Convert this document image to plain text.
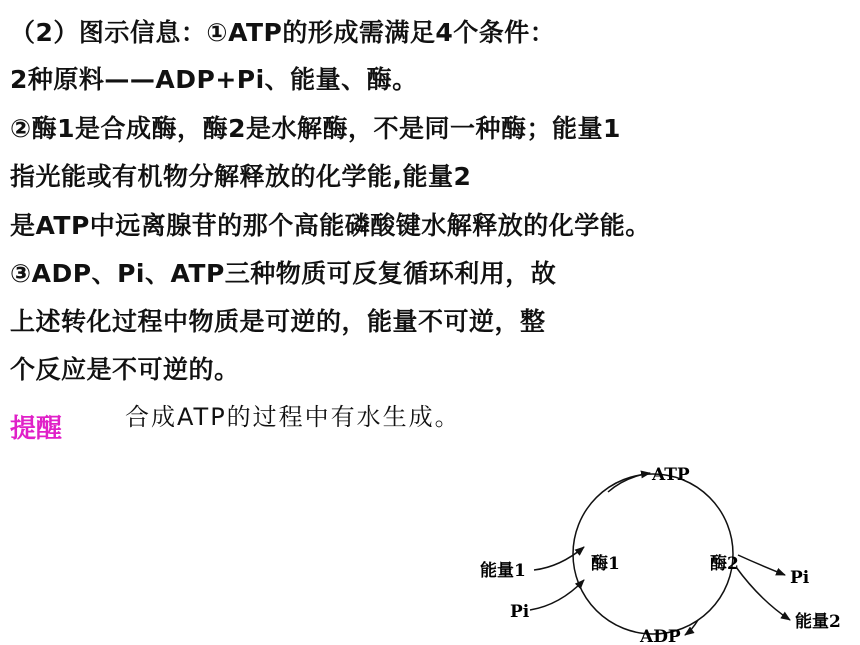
（2）图示信息：①ATP的形成需满足4个条件：
2种原料——ADP+Pi、能量、酶。
②酶1是合成酶，酶2是水解酶，不是同一种酶；能量1
指光能或有机物分解释放的化学能,能量2
是ATP中远离腺苷的那个高能磷酸键水解释放的化学能。
③ADP、Pi、ATP三种物质可反复循环利用，故
上述转化过程中物质是可逆的，能量不可逆，整
个反应是不可逆的。
提醒	合成ATP的过程中有水生成。
ATP
ADP
酶1	酶2
能量1
Pi
Pi
能量2
